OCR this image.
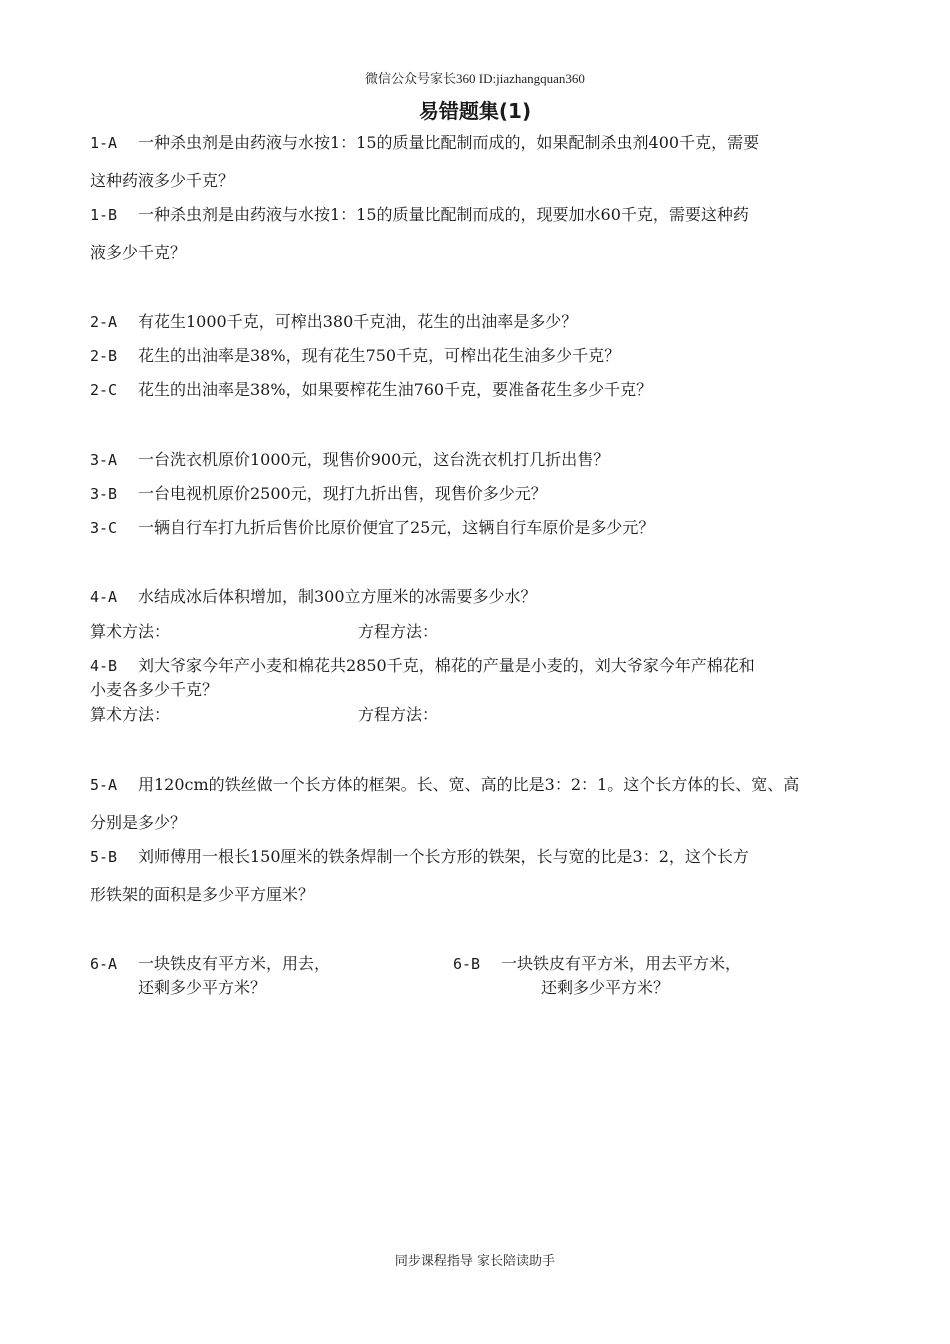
微信公众号家长360 ID:jiazhangquan360
易错题集(1)
1-A 一种杀虫剂是由药液与水按1：15的质量比配制而成的，如果配制杀虫剂400千克，需要
这种药液多少千克？
1-B 一种杀虫剂是由药液与水按1：15的质量比配制而成的，现要加水60千克，需要这种药
液多少千克？
2-A 有花生1000千克，可榨出380千克油，花生的出油率是多少？
2-B 花生的出油率是38%，现有花生750千克，可榨出花生油多少千克？
2-C 花生的出油率是38%，如果要榨花生油760千克，要准备花生多少千克？
3-A 一台洗衣机原价1000元，现售价900元，这台洗衣机打几折出售？
3-B 一台电视机原价2500元，现打九折出售，现售价多少元？
3-C 一辆自行车打九折后售价比原价便宜了25元，这辆自行车原价是多少元？
4-A 水结成冰后体积增加，制300立方厘米的冰需要多少水？
算术方法：	方程方法：
4-B 刘大爷家今年产小麦和棉花共2850千克，棉花的产量是小麦的，刘大爷家今年产棉花和
小麦各多少千克？
算术方法：	方程方法：
5-A 用120cm的铁丝做一个长方体的框架。长、宽、高的比是3：2：1。这个长方体的长、宽、高
分别是多少？
5-B 刘师傅用一根长150厘米的铁条焊制一个长方形的铁架，长与宽的比是3：2，这个长方
形铁架的面积是多少平方厘米？
6-A 一块铁皮有平方米，用去，
还剩多少平方米？
6-B 一块铁皮有平方米，用去平方米，
还剩多少平方米？
同步课程指导 家长陪读助手
